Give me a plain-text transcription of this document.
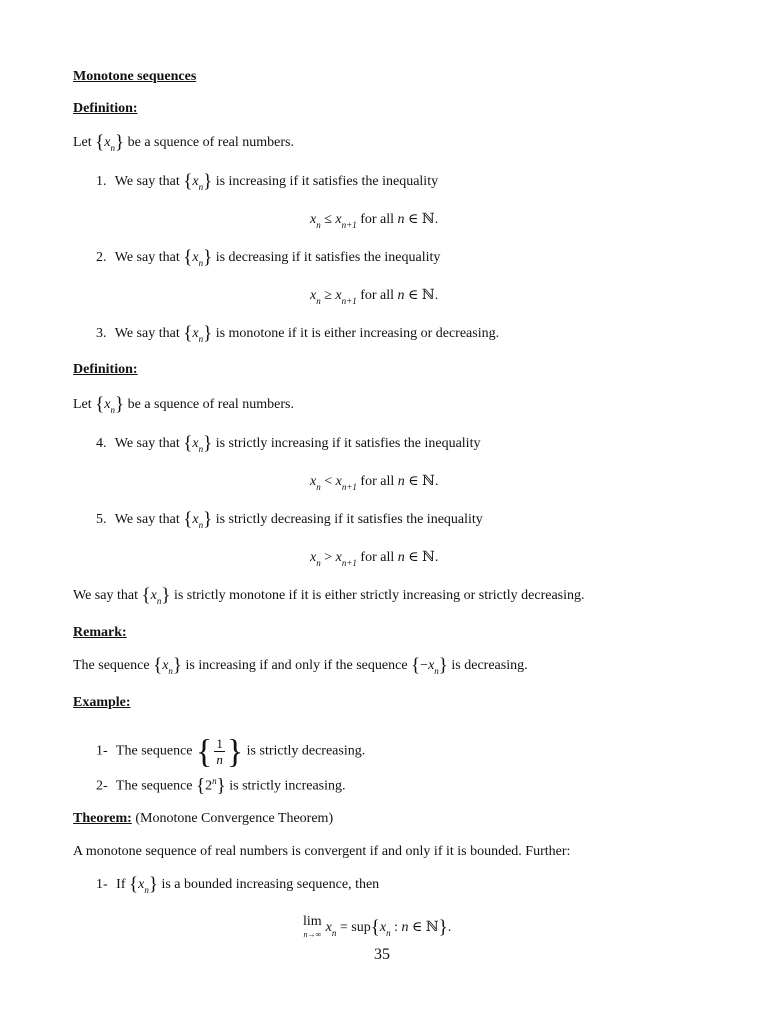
Monotone sequences
Definition:
Let $\{x_n\}$ be a squence of real numbers.
1. We say that $\{x_n\}$ is increasing if it satisfies the inequality
$x_n \le x_{n+1}$ for all n ∈ ℕ.
2. We say that $\{x_n\}$ is decreasing if it satisfies the inequality
$x_n \ge x_{n+1}$ for all n ∈ ℕ.
3. We say that $\{x_n\}$ is monotone if it is either increasing or decreasing.
Definition:
Let $\{x_n\}$ be a squence of real numbers.
4. We say that $\{x_n\}$ is strictly increasing if it satisfies the inequality
$x_n < x_{n+1}$ for all n ∈ ℕ.
5. We say that $\{x_n\}$ is strictly decreasing if it satisfies the inequality
$x_n > x_{n+1}$ for all n ∈ ℕ.
We say that $\{x_n\}$ is strictly monotone if it is either strictly increasing or strictly decreasing.
Remark:
The sequence $\{x_n\}$ is increasing if and only if the sequence $\{-x_n\}$ is decreasing.
Example:
1- The sequence { $\frac{1}{n}$ } is strictly decreasing.
2- The sequence {2$^n$} is strictly increasing.
Theorem: (Monotone Convergence Theorem)
A monotone sequence of real numbers is convergent if and only if it is bounded. Further:
1- If $\{x_n\}$ is a bounded increasing sequence, then
lim
n→∞ $x_n = sup\{x_n$ : n ∈ ℕ}.
35
